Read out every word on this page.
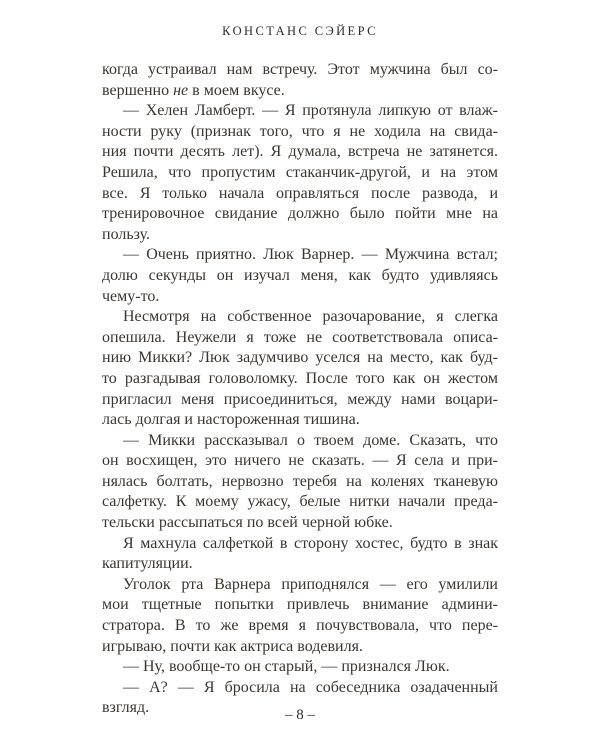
КОНСТАНС СЭЙЕРС
когда устраивал нам встречу. Этот мужчина был со-
вершенно не в моем вкусе.
— Хелен Ламберт. — Я протянула липкую от влаж-
ности руку (признак того, что я не ходила на свида-
ния почти десять лет). Я думала, встреча не затянется.
Решила, что пропустим стаканчик-другой, и на этом
все. Я только начала оправляться после развода, и
тренировочное свидание должно было пойти мне на
пользу.
— Очень приятно. Люк Варнер. — Мужчина встал;
долю секунды он изучал меня, как будто удивляясь
чему-то.
Несмотря на собственное разочарование, я слегка
опешила. Неужели я тоже не соответствовала описа-
нию Микки? Люк задумчиво уселся на место, как буд-
то разгадывая головоломку. После того как он жестом
пригласил меня присоединиться, между нами воцари-
лась долгая и настороженная тишина.
— Микки рассказывал о твоем доме. Сказать, что
он восхищен, это ничего не сказать. — Я села и при-
нялась болтать, нервозно теребя на коленях тканевую
салфетку. К моему ужасу, белые нитки начали преда-
тельски рассыпаться по всей черной юбке.
Я махнула салфеткой в сторону хостес, будто в знак
капитуляции.
Уголок рта Варнера приподнялся — его умилили
мои тщетные попытки привлечь внимание админи-
стратора. В то же время я почувствовала, что пере-
игрываю, почти как актриса водевиля.
— Ну, вообще-то он старый, — признался Люк.
— А? — Я бросила на собеседника озадаченный
взгляд.	– 8 –
